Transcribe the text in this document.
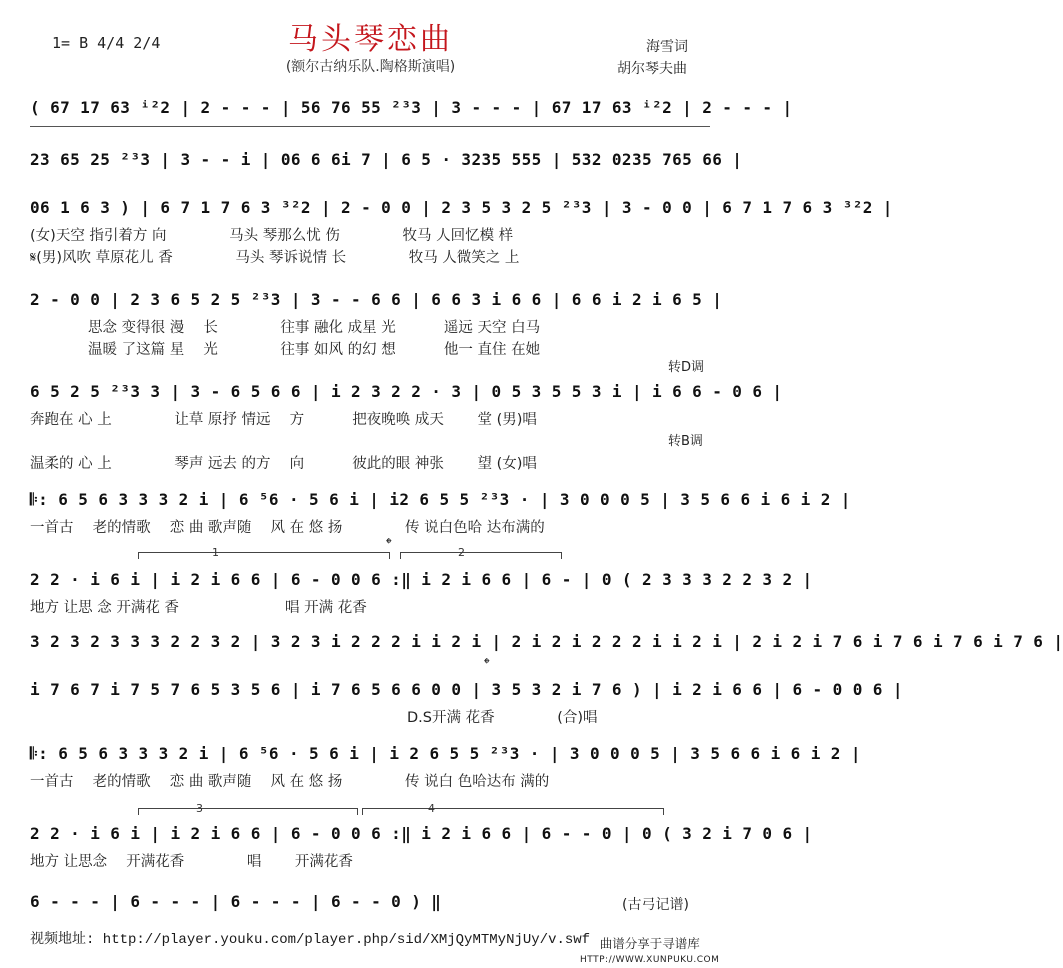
马头琴恋曲
(额尔古纳乐队.陶格斯演唱)
1= B 4/4 2/4	海雪词
胡尔琴夫曲
( 67 17 63 ⁱ²2 | 2 - - - | 56 76 55 ²³3 | 3 - - - | 67 17 63 ⁱ²2 | 2 - - - |
23 65 25 ²³3 | 3 - - i | 06 6 6i 7 | 6 5 · 3235 555 | 532 0235 765 66 |
06 1 6 3 ) | 6 7 1 7 6 3 ³²2 | 2 - 0 0 | 2 3 5 3 2 5 ²³3 | 3 - 0 0 | 6 7 1 7 6 3 ³²2 |
(女)天空 指引着方 向 　　　　马头 琴那么忧 伤 　　　　牧马 人回忆模 样
𝄋(男)风吹 草原花儿 香 　　　　马头 琴诉说情 长 　　　　牧马 人微笑之 上
2 - 0 0 | 2 3 6 5 2 5 ²³3 | 3 - - 6 6 | 6 6 3 i 6 6 | 6 6 i 2 i 6 5 |
　　　　思念 变得很 漫 　长 　　　　往事 融化 成星 光 　　　遥远 天空 白马
　　　　温暖 了这篇 星 　光 　　　　往事 如风 的幻 想 　　　他一 直住 在她
转D调
6 5 2 5 ²³3 3 | 3 - 6 5 6 6 | i 2 3 2 2 · 3 | 0 5 3 5 5 3 i | i 6 6 - 0 6 |
奔跑在 心 上 　　　　让草 原抒 情远 　方 　　　把夜晚唤 成天 　　堂 (男)唱
转B调
温柔的 心 上 　　　　琴声 远去 的方 　向 　　　彼此的眼 神张 　　望 (女)唱
𝄆: 6 5 6 3 3 3 2 i | 6 ⁵6 · 5 6 i | i2 6 5 5 ²³3 · | 3 0 0 0 5 | 3 5 6 6 i 6 i 2 |
一首古 　老的情歌 　恋 曲 歌声随 　风 在 悠 扬 　　　　传 说白色哈 达布满的
1	𝄌	2
2 2 · i 6 i | i 2 i 6 6 | 6 - 0 0 6 :‖ i 2 i 6 6 | 6 - | 0 ( 2 3 3 3 2 2 3 2 |
地方 让思 念 开满花 香 　　　　　　　唱 开满 花香
3 2 3 2 3 3 3 2 2 3 2 | 3 2 3 i 2 2 2 i i 2 i | 2 i 2 i 2 2 2 i i 2 i | 2 i 2 i 7 6 i 7 6 i 7 6 i 7 6 |
𝄌
i 7 6 7 i 7 5 7 6 5 3 5 6 | i 7 6 5 6 6 0 0 | 3 5 3 2 i 7 6 ) | i 2 i 6 6 | 6 - 0 0 6 |
　　　　　　　　　　　　　　　　　　　　　　　　　　D.S开满 花香 　　　　(合)唱
𝄆: 6 5 6 3 3 3 2 i | 6 ⁵6 · 5 6 i | i 2 6 5 5 ²³3 · | 3 0 0 0 5 | 3 5 6 6 i 6 i 2 |
一首古 　老的情歌 　恋 曲 歌声随 　风 在 悠 扬 　　　　传 说白 色哈达布 满的
3	4
2 2 · i 6 i | i 2 i 6 6 | 6 - 0 0 6 :‖ i 2 i 6 6 | 6 - - 0 | 0 ( 3 2 i 7 0 6 |
地方 让思念 　开满花香 　　　　唱 　　开满花香
6 - - - | 6 - - - | 6 - - - | 6 - - 0 ) ‖	(古弓记谱)
视频地址: http://player.youku.com/player.php/sid/XMjQyMTMyNjUy/v.swf 曲谱分享于寻谱库
HTTP://WWW.XUNPUKU.COM
